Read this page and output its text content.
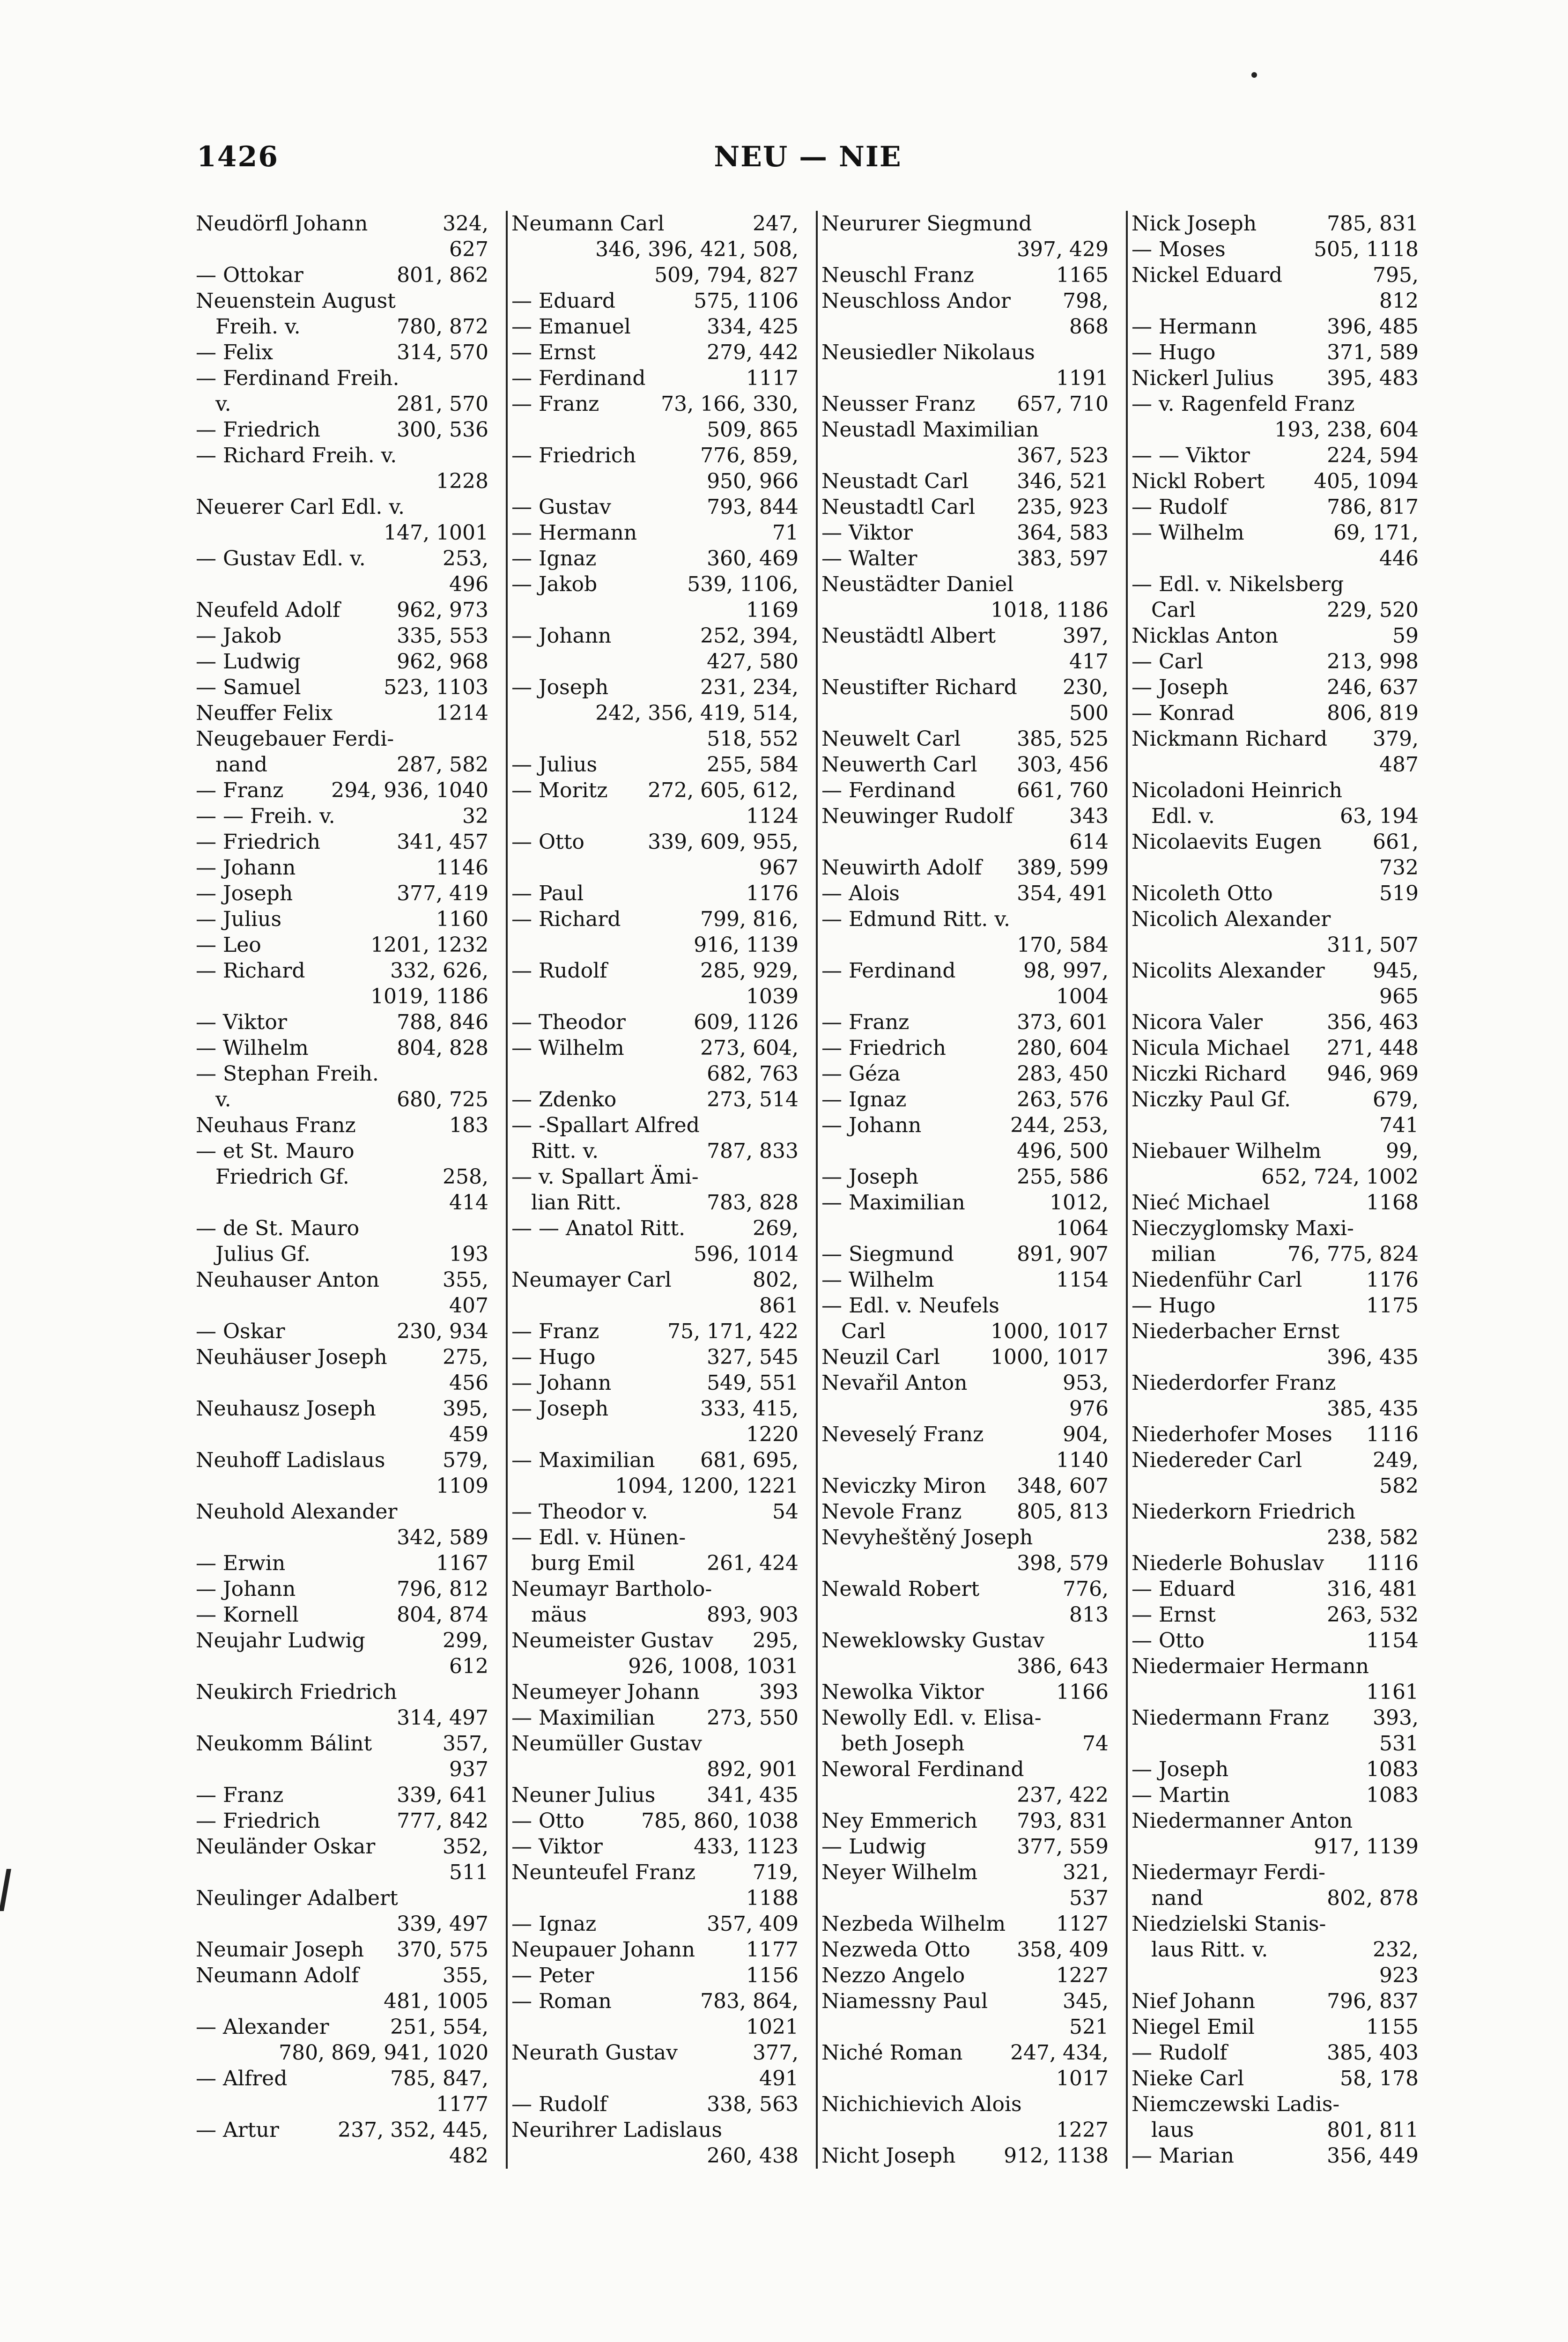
1426	NEU — NIE
Neudörfl Johann	324,
627
— Ottokar	801, 862
Neuenstein August
Freih. v.	780, 872
— Felix	314, 570
— Ferdinand Freih.
v.	281, 570
— Friedrich	300, 536
— Richard Freih. v.
1228
Neuerer Carl Edl. v.
147, 1001
— Gustav Edl. v.	253,
496
Neufeld Adolf	962, 973
— Jakob	335, 553
— Ludwig	962, 968
— Samuel	523, 1103
Neuffer Felix	1214
Neugebauer Ferdi-
nand	287, 582
— Franz	294, 936, 1040
— — Freih. v.	32
— Friedrich	341, 457
— Johann	1146
— Joseph	377, 419
— Julius	1160
— Leo	1201, 1232
— Richard	332, 626,
1019, 1186
— Viktor	788, 846
— Wilhelm	804, 828
— Stephan Freih.
v.	680, 725
Neuhaus Franz	183
— et St. Mauro
Friedrich Gf.	258,
414
— de St. Mauro
Julius Gf.	193
Neuhauser Anton	355,
407
— Oskar	230, 934
Neuhäuser Joseph	275,
456
Neuhausz Joseph	395,
459
Neuhoff Ladislaus	579,
1109
Neuhold Alexander
342, 589
— Erwin	1167
— Johann	796, 812
— Kornell	804, 874
Neujahr Ludwig	299,
612
Neukirch Friedrich
314, 497
Neukomm Bálint	357,
937
— Franz	339, 641
— Friedrich	777, 842
Neuländer Oskar	352,
511
Neulinger Adalbert
339, 497
Neumair Joseph	370, 575
Neumann Adolf	355,
481, 1005
— Alexander	251, 554,
780, 869, 941, 1020
— Alfred	785, 847,
1177
— Artur	237, 352, 445,
482
Neumann Carl	247,
346, 396, 421, 508,
509, 794, 827
— Eduard	575, 1106
— Emanuel	334, 425
— Ernst	279, 442
— Ferdinand	1117
— Franz	73, 166, 330,
509, 865
— Friedrich	776, 859,
950, 966
— Gustav	793, 844
— Hermann	71
— Ignaz	360, 469
— Jakob	539, 1106,
1169
— Johann	252, 394,
427, 580
— Joseph	231, 234,
242, 356, 419, 514,
518, 552
— Julius	255, 584
— Moritz	272, 605, 612,
1124
— Otto	339, 609, 955,
967
— Paul	1176
— Richard	799, 816,
916, 1139
— Rudolf	285, 929,
1039
— Theodor	609, 1126
— Wilhelm	273, 604,
682, 763
— Zdenko	273, 514
— -Spallart Alfred
Ritt. v.	787, 833
— v. Spallart Ämi-
lian Ritt.	783, 828
— — Anatol Ritt.	269,
596, 1014
Neumayer Carl	802,
861
— Franz	75, 171, 422
— Hugo	327, 545
— Johann	549, 551
— Joseph	333, 415,
1220
— Maximilian	681, 695,
1094, 1200, 1221
— Theodor v.	54
— Edl. v. Hünen-
burg Emil	261, 424
Neumayr Bartholo-
mäus	893, 903
Neumeister Gustav	295,
926, 1008, 1031
Neumeyer Johann	393
— Maximilian	273, 550
Neumüller Gustav
892, 901
Neuner Julius	341, 435
— Otto	785, 860, 1038
— Viktor	433, 1123
Neunteufel Franz	719,
1188
— Ignaz	357, 409
Neupauer Johann	1177
— Peter	1156
— Roman	783, 864,
1021
Neurath Gustav	377,
491
— Rudolf	338, 563
Neurihrer Ladislaus
260, 438
Neururer Siegmund
397, 429
Neuschl Franz	1165
Neuschloss Andor	798,
868
Neusiedler Nikolaus
1191
Neusser Franz	657, 710
Neustadl Maximilian
367, 523
Neustadt Carl	346, 521
Neustadtl Carl	235, 923
— Viktor	364, 583
— Walter	383, 597
Neustädter Daniel
1018, 1186
Neustädtl Albert	397,
417
Neustifter Richard	230,
500
Neuwelt Carl	385, 525
Neuwerth Carl	303, 456
— Ferdinand	661, 760
Neuwinger Rudolf	343
614
Neuwirth Adolf	389, 599
— Alois	354, 491
— Edmund Ritt. v.
170, 584
— Ferdinand	98, 997,
1004
— Franz	373, 601
— Friedrich	280, 604
— Géza	283, 450
— Ignaz	263, 576
— Johann	244, 253,
496, 500
— Joseph	255, 586
— Maximilian	1012,
1064
— Siegmund	891, 907
— Wilhelm	1154
— Edl. v. Neufels
Carl	1000, 1017
Neuzil Carl	1000, 1017
Nevařil Anton	953,
976
Neveselý Franz	904,
1140
Neviczky Miron	348, 607
Nevole Franz	805, 813
Nevyheštěný Joseph
398, 579
Newald Robert	776,
813
Neweklowsky Gustav
386, 643
Newolka Viktor	1166
Newolly Edl. v. Elisa-
beth Joseph	74
Neworal Ferdinand
237, 422
Ney Emmerich	793, 831
— Ludwig	377, 559
Neyer Wilhelm	321,
537
Nezbeda Wilhelm	1127
Nezweda Otto	358, 409
Nezzo Angelo	1227
Niamessny Paul	345,
521
Niché Roman	247, 434,
1017
Nichichievich Alois
1227
Nicht Joseph	912, 1138
Nick Joseph	785, 831
— Moses	505, 1118
Nickel Eduard	795,
812
— Hermann	396, 485
— Hugo	371, 589
Nickerl Julius	395, 483
— v. Ragenfeld Franz
193, 238, 604
— — Viktor	224, 594
Nickl Robert	405, 1094
— Rudolf	786, 817
— Wilhelm	69, 171,
446
— Edl. v. Nikelsberg
Carl	229, 520
Nicklas Anton	59
— Carl	213, 998
— Joseph	246, 637
— Konrad	806, 819
Nickmann Richard	379,
487
Nicoladoni Heinrich
Edl. v.	63, 194
Nicolaevits Eugen	661,
732
Nicoleth Otto	519
Nicolich Alexander
311, 507
Nicolits Alexander	945,
965
Nicora Valer	356, 463
Nicula Michael	271, 448
Niczki Richard	946, 969
Niczky Paul Gf.	679,
741
Niebauer Wilhelm	99,
652, 724, 1002
Nieć Michael	1168
Nieczyglomsky Maxi-
milian	76, 775, 824
Niedenführ Carl	1176
— Hugo	1175
Niederbacher Ernst
396, 435
Niederdorfer Franz
385, 435
Niederhofer Moses	1116
Niedereder Carl	249,
582
Niederkorn Friedrich
238, 582
Niederle Bohuslav	1116
— Eduard	316, 481
— Ernst	263, 532
— Otto	1154
Niedermaier Hermann
1161
Niedermann Franz	393,
531
— Joseph	1083
— Martin	1083
Niedermanner Anton
917, 1139
Niedermayr Ferdi-
nand	802, 878
Niedzielski Stanis-
laus Ritt. v.	232,
923
Nief Johann	796, 837
Niegel Emil	1155
— Rudolf	385, 403
Nieke Carl	58, 178
Niemczewski Ladis-
laus	801, 811
— Marian	356, 449
